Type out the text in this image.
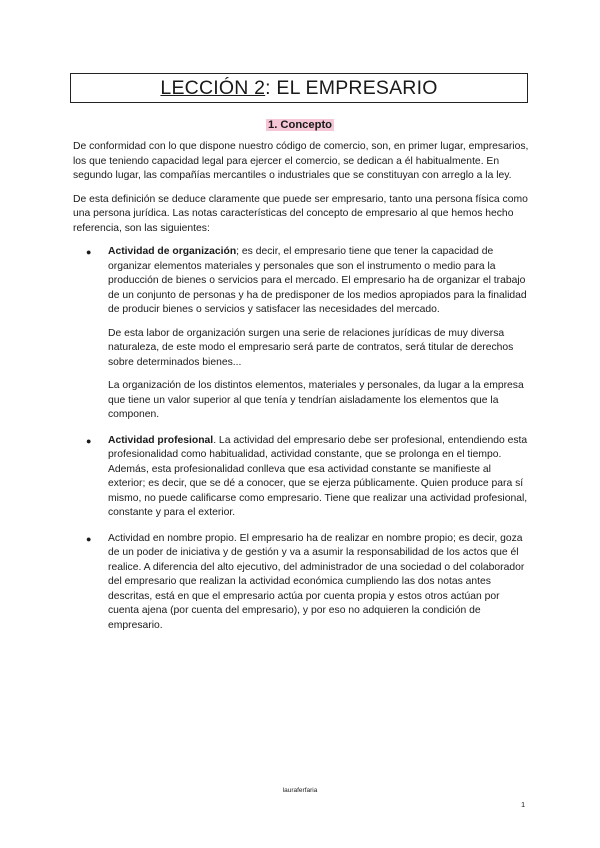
LECCIÓN 2: EL EMPRESARIO
1. Concepto

De conformidad con lo que dispone nuestro código de comercio, son, en primer lugar, empresarios, los que teniendo capacidad legal para ejercer el comercio, se dedican a él habitualmente. En segundo lugar, las compañías mercantiles o industriales que se constituyan con arreglo a la ley.

De esta definición se deduce claramente que puede ser empresario, tanto una persona física como una persona jurídica. Las notas características del concepto de empresario al que hemos hecho referencia, son las siguientes:

● Actividad de organización; es decir, el empresario tiene que tener la capacidad de organizar elementos materiales y personales que son el instrumento o medio para la producción de bienes o servicios para el mercado. El empresario ha de organizar el trabajo de un conjunto de personas y ha de predisponer de los medios apropiados para la finalidad de producir bienes o servicios y satisfacer las necesidades del mercado.

De esta labor de organización surgen una serie de relaciones jurídicas de muy diversa naturaleza, de este modo el empresario será parte de contratos, será titular de derechos sobre determinados bienes...

La organización de los distintos elementos, materiales y personales, da lugar a la empresa que tiene un valor superior al que tenía y tendrían aisladamente los elementos que la componen.

● Actividad profesional. La actividad del empresario debe ser profesional, entendiendo esta profesionalidad como habitualidad, actividad constante, que se prolonga en el tiempo. Además, esta profesionalidad conlleva que esa actividad constante se manifieste al exterior; es decir, que se dé a conocer, que se ejerza públicamente. Quien produce para sí mismo, no puede calificarse como empresario. Tiene que realizar una actividad profesional, constante y para el exterior.

● Actividad en nombre propio. El empresario ha de realizar en nombre propio; es decir, goza de un poder de iniciativa y de gestión y va a asumir la responsabilidad de los actos que él realice. A diferencia del alto ejecutivo, del administrador de una sociedad o del colaborador del empresario que realizan la actividad económica cumpliendo las dos notas antes descritas, está en que el empresario actúa por cuenta propia y estos otros actúan por cuenta ajena (por cuenta del empresario), y por eso no adquieren la condición de empresario.

lauraferfaria
1
